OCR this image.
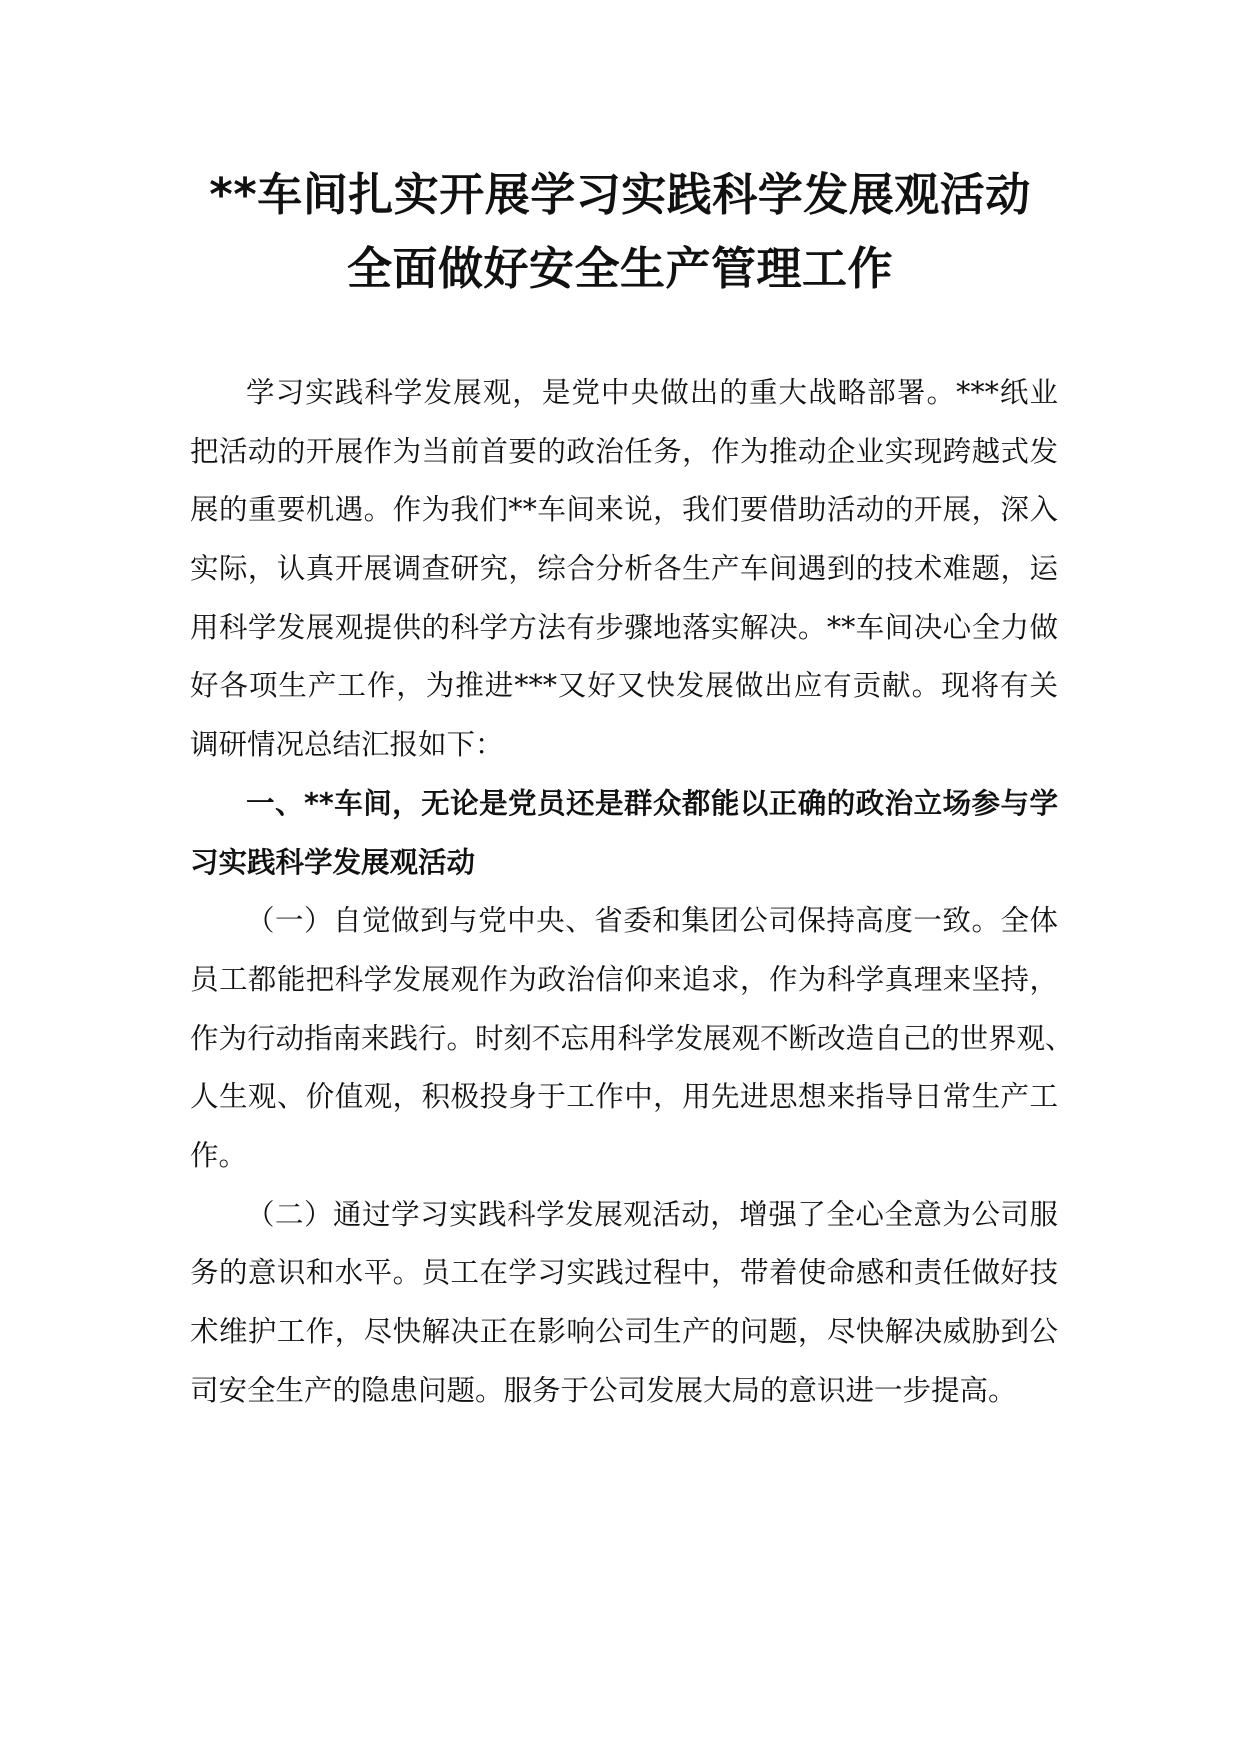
**车间扎实开展学习实践科学发展观活动
全面做好安全生产管理工作
学习实践科学发展观，是党中央做出的重大战略部署。***纸业
把活动的开展作为当前首要的政治任务，作为推动企业实现跨越式发
展的重要机遇。作为我们**车间来说，我们要借助活动的开展，深入
实际，认真开展调查研究，综合分析各生产车间遇到的技术难题，运
用科学发展观提供的科学方法有步骤地落实解决。**车间决心全力做
好各项生产工作，为推进***又好又快发展做出应有贡献。现将有关
调研情况总结汇报如下：
一、**车间，无论是党员还是群众都能以正确的政治立场参与学
习实践科学发展观活动
（一）自觉做到与党中央、省委和集团公司保持高度一致。全体
员工都能把科学发展观作为政治信仰来追求，作为科学真理来坚持，
作为行动指南来践行。时刻不忘用科学发展观不断改造自己的世界观、
人生观、价值观，积极投身于工作中，用先进思想来指导日常生产工
作。
（二）通过学习实践科学发展观活动，增强了全心全意为公司服
务的意识和水平。员工在学习实践过程中，带着使命感和责任做好技
术维护工作，尽快解决正在影响公司生产的问题，尽快解决威胁到公
司安全生产的隐患问题。服务于公司发展大局的意识进一步提高。
